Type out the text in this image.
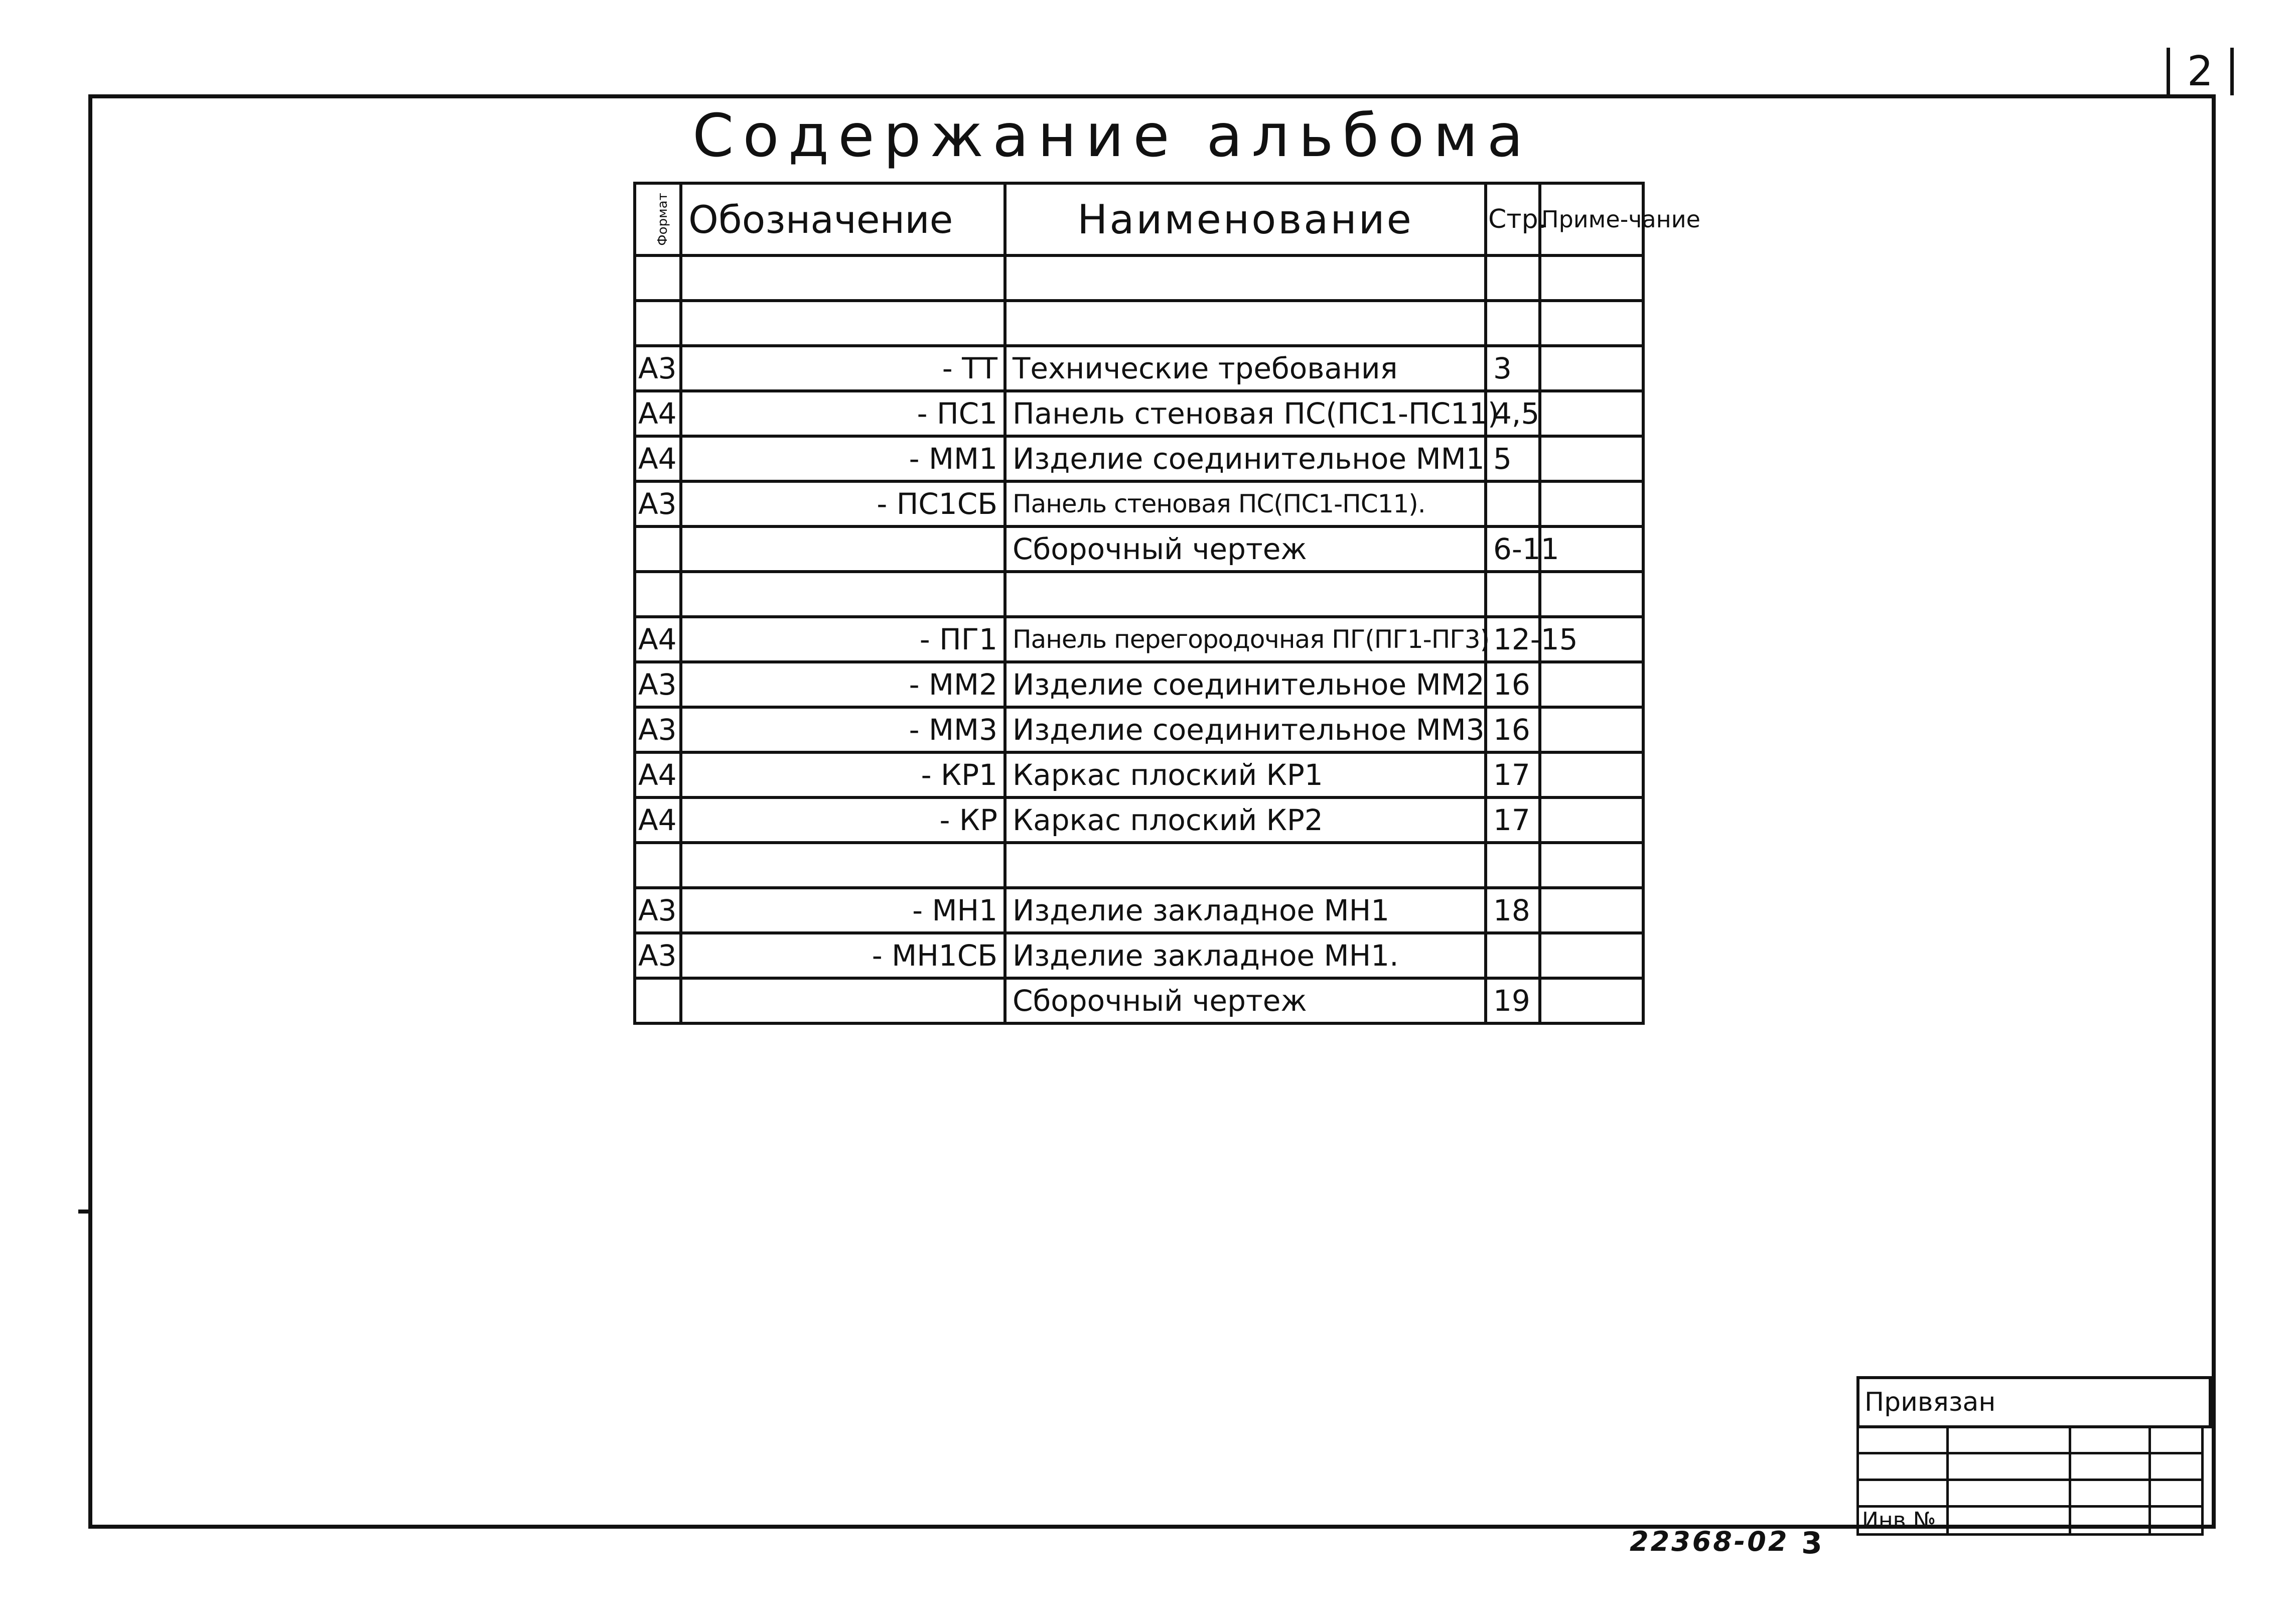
2
Содержание альбома
Формат	Обозначение	Наименование	Стр.	Приме-чание

А3	- ТТ	Технические требования	3	
А4	- ПС1	Панель стеновая ПС(ПС1-ПС11)	4,5	
А4	- ММ1	Изделие соединительное ММ1	5	
А3	- ПС1СБ	Панель стеновая ПС(ПС1-ПС11).		
		Сборочный чертеж	6-11	

А4	- ПГ1	Панель перегородочная ПГ(ПГ1-ПГ3)	12-15	
А3	- ММ2	Изделие соединительное ММ2	16	
А3	- ММ3	Изделие соединительное ММ3	16	
А4	- КР1	Каркас плоский КР1	17	
А4	- КР	Каркас плоский КР2	17	

А3	- МН1	Изделие закладное МН1	18	
А3	- МН1СБ	Изделие закладное МН1.		
		Сборочный чертеж	19	
Привязан

Инв.№			
22368-02 3
